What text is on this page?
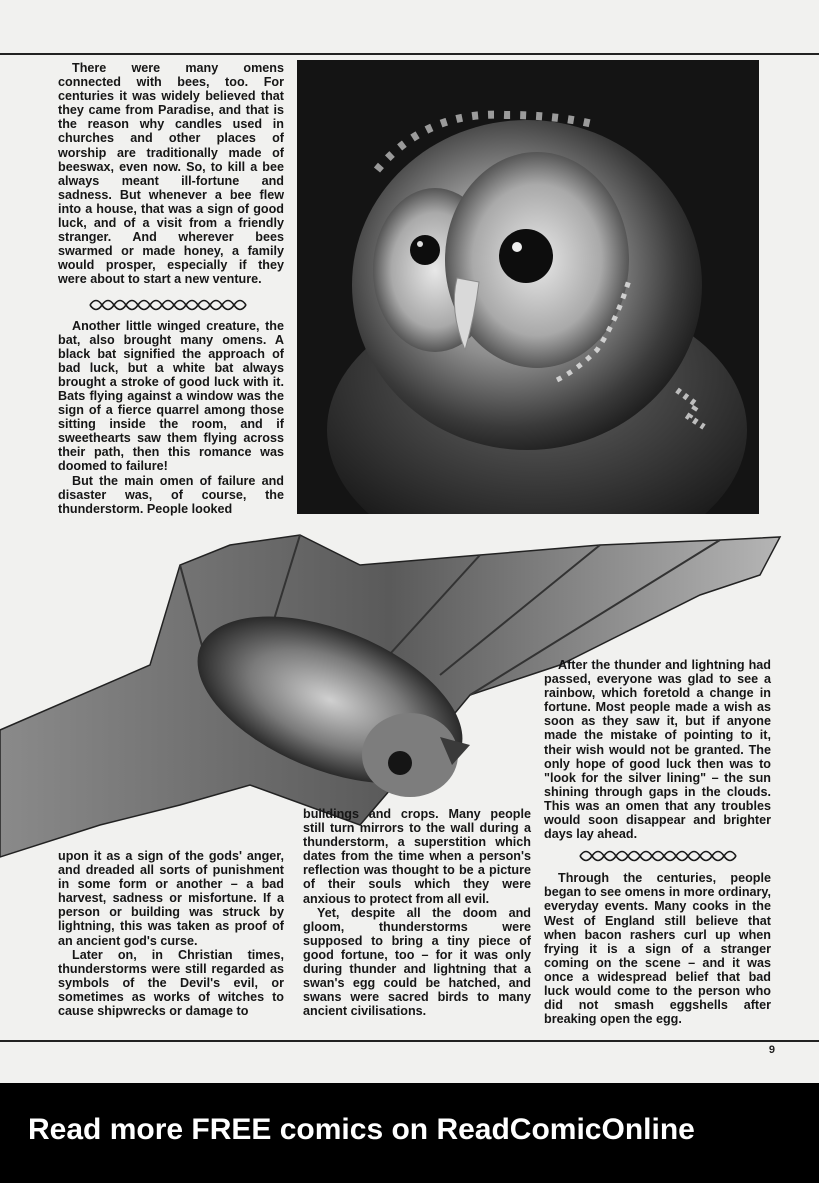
There were many omens connected with bees, too. For centuries it was widely believed that they came from Paradise, and that is the reason why candles used in churches and other places of worship are traditionally made of beeswax, even now. So, to kill a bee always meant ill-fortune and sadness. But whenever a bee flew into a house, that was a sign of good luck, and of a visit from a friendly stranger. And wherever bees swarmed or made honey, a family would prosper, especially if they were about to start a new venture.

Another little winged creature, the bat, also brought many omens. A black bat signified the approach of bad luck, but a white bat always brought a stroke of good luck with it. Bats flying against a window was the sign of a fierce quarrel among those sitting inside the room, and if sweethearts saw them flying across their path, then this romance was doomed to failure!

But the main omen of failure and disaster was, of course, the thunderstorm. People looked

upon it as a sign of the gods' anger, and dreaded all sorts of punishment in some form or another – a bad harvest, sadness or misfortune. If a person or building was struck by lightning, this was taken as proof of an ancient god's curse.

Later on, in Christian times, thunderstorms were still regarded as symbols of the Devil's evil, or sometimes as works of witches to cause shipwrecks or damage to

buildings and crops. Many people still turn mirrors to the wall during a thunderstorm, a superstition which dates from the time when a person's reflection was thought to be a picture of their souls which they were anxious to protect from all evil.

Yet, despite all the doom and gloom, thunderstorms were supposed to bring a tiny piece of good fortune, too – for it was only during thunder and lightning that a swan's egg could be hatched, and swans were sacred birds to many ancient civilisations.

After the thunder and lightning had passed, everyone was glad to see a rainbow, which foretold a change in fortune. Most people made a wish as soon as they saw it, but if anyone made the mistake of pointing to it, their wish would not be granted. The only hope of good luck then was to "look for the silver lining" – the sun shining through gaps in the clouds. This was an omen that any troubles would soon disappear and brighter days lay ahead.

Through the centuries, people began to see omens in more ordinary, everyday events. Many cooks in the West of England still believe that when bacon rashers curl up when frying it is a sign of a stranger coming on the scene – and it was once a widespread belief that bad luck would come to the person who did not smash eggshells after breaking open the egg.

9
Read more FREE comics on ReadComicOnline
